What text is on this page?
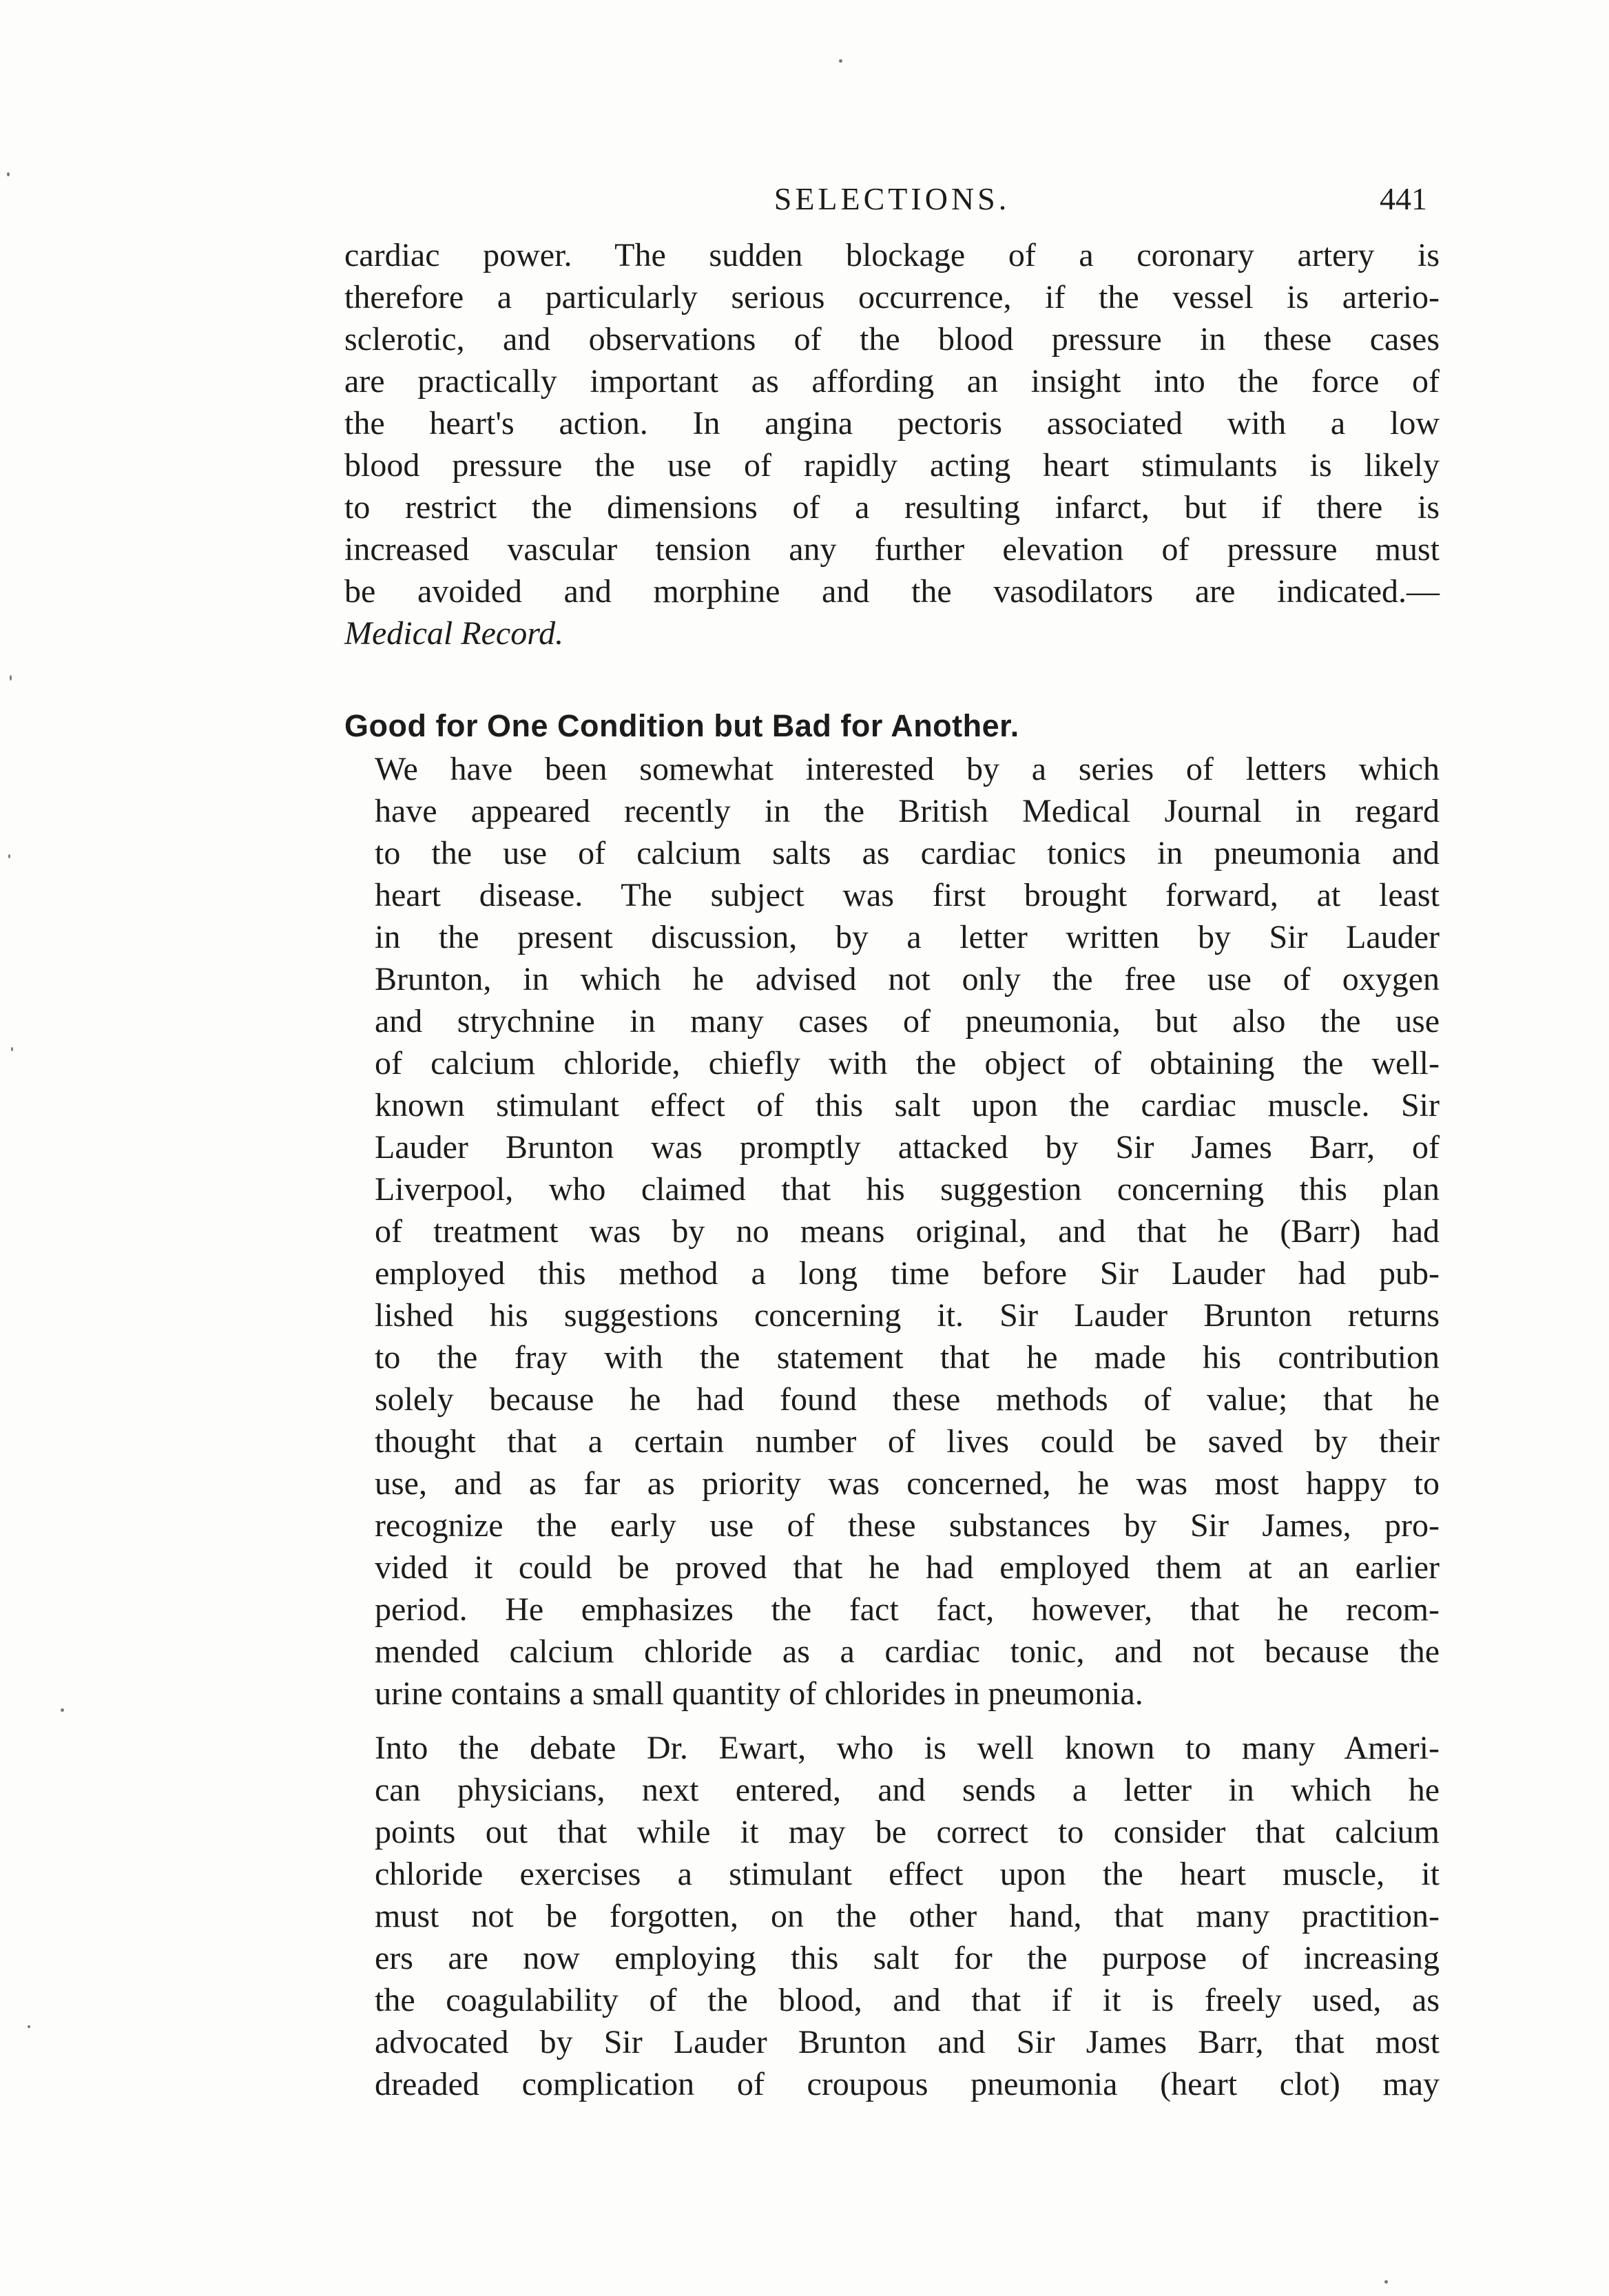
SELECTIONS.	441

cardiac power. The sudden blockage of a coronary artery is
therefore a particularly serious occurrence, if the vessel is arterio-
sclerotic, and observations of the blood pressure in these cases
are practically important as affording an insight into the force of
the heart's action. In angina pectoris associated with a low
blood pressure the use of rapidly acting heart stimulants is likely
to restrict the dimensions of a resulting infarct, but if there is
increased vascular tension any further elevation of pressure must
be avoided and morphine and the vasodilators are indicated.—
Medical Record.

Good for One Condition but Bad for Another.

We have been somewhat interested by a series of letters which
have appeared recently in the British Medical Journal in regard
to the use of calcium salts as cardiac tonics in pneumonia and
heart disease. The subject was first brought forward, at least
in the present discussion, by a letter written by Sir Lauder
Brunton, in which he advised not only the free use of oxygen
and strychnine in many cases of pneumonia, but also the use
of calcium chloride, chiefly with the object of obtaining the well-
known stimulant effect of this salt upon the cardiac muscle. Sir
Lauder Brunton was promptly attacked by Sir James Barr, of
Liverpool, who claimed that his suggestion concerning this plan
of treatment was by no means original, and that he (Barr) had
employed this method a long time before Sir Lauder had pub-
lished his suggestions concerning it. Sir Lauder Brunton returns
to the fray with the statement that he made his contribution
solely because he had found these methods of value; that he
thought that a certain number of lives could be saved by their
use, and as far as priority was concerned, he was most happy to
recognize the early use of these substances by Sir James, pro-
vided it could be proved that he had employed them at an earlier
period. He emphasizes the fact fact, however, that he recom-
mended calcium chloride as a cardiac tonic, and not because the
urine contains a small quantity of chlorides in pneumonia.

Into the debate Dr. Ewart, who is well known to many Ameri-
can physicians, next entered, and sends a letter in which he
points out that while it may be correct to consider that calcium
chloride exercises a stimulant effect upon the heart muscle, it
must not be forgotten, on the other hand, that many practition-
ers are now employing this salt for the purpose of increasing
the coagulability of the blood, and that if it is freely used, as
advocated by Sir Lauder Brunton and Sir James Barr, that most
dreaded complication of croupous pneumonia (heart clot) may
